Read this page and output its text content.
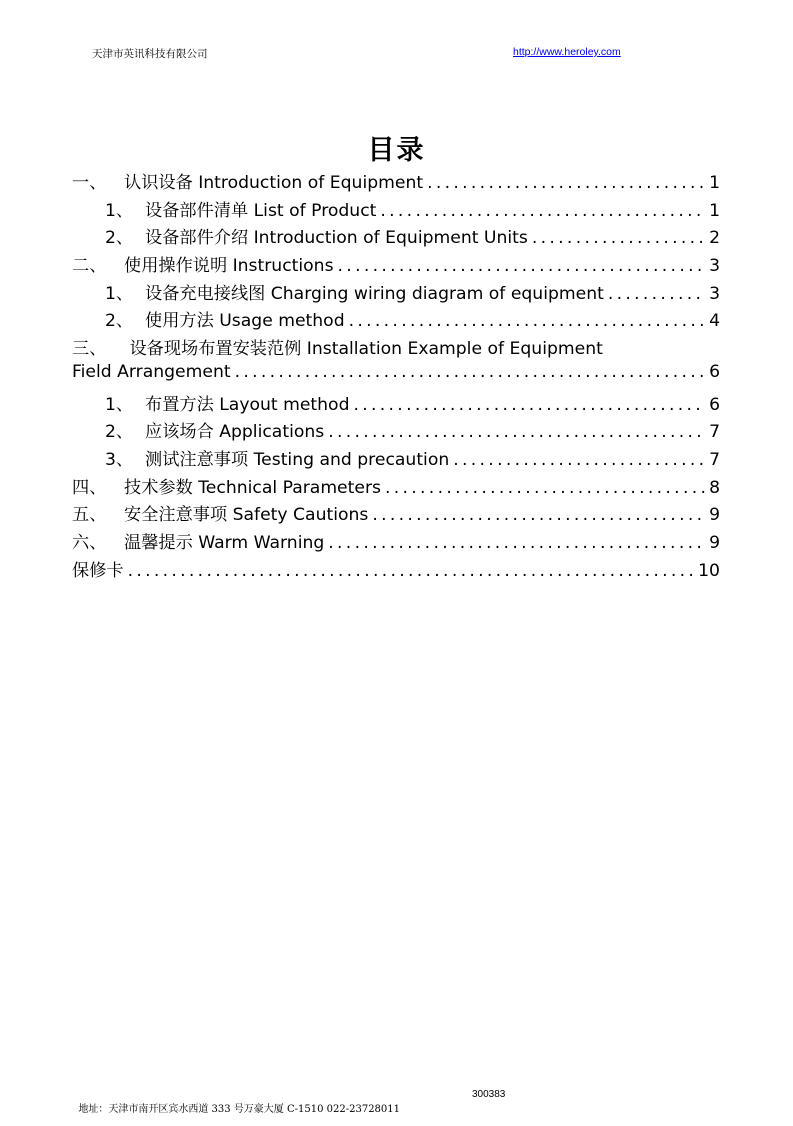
天津市英讯科技有限公司	http://www.heroley.com
目录
一、	认识设备 Introduction of Equipment .....	1
1、 设备部件清单 List of Product .....	1
2、 设备部件介绍 Introduction of Equipment Units .....	2
二、	使用操作说明 Instructions .....	3
1、 设备充电接线图 Charging wiring diagram of equipment .....	3
2、 使用方法 Usage method .....	4
三、 设备现场布置安装范例 Installation Example of Equipment
Field Arrangement .....	6
1、 布置方法 Layout method .....	6
2、 应该场合 Applications .....	7
3、 测试注意事项 Testing and precaution .....	7
四、	技术参数 Technical Parameters .....	8
五、	安全注意事项 Safety Cautions .....	9
六、	温馨提示 Warm Warning .....	9
保修卡 .....	10

地址：天津市南开区宾水西道 333 号万豪大厦 C-1510 022-23728011

300383
